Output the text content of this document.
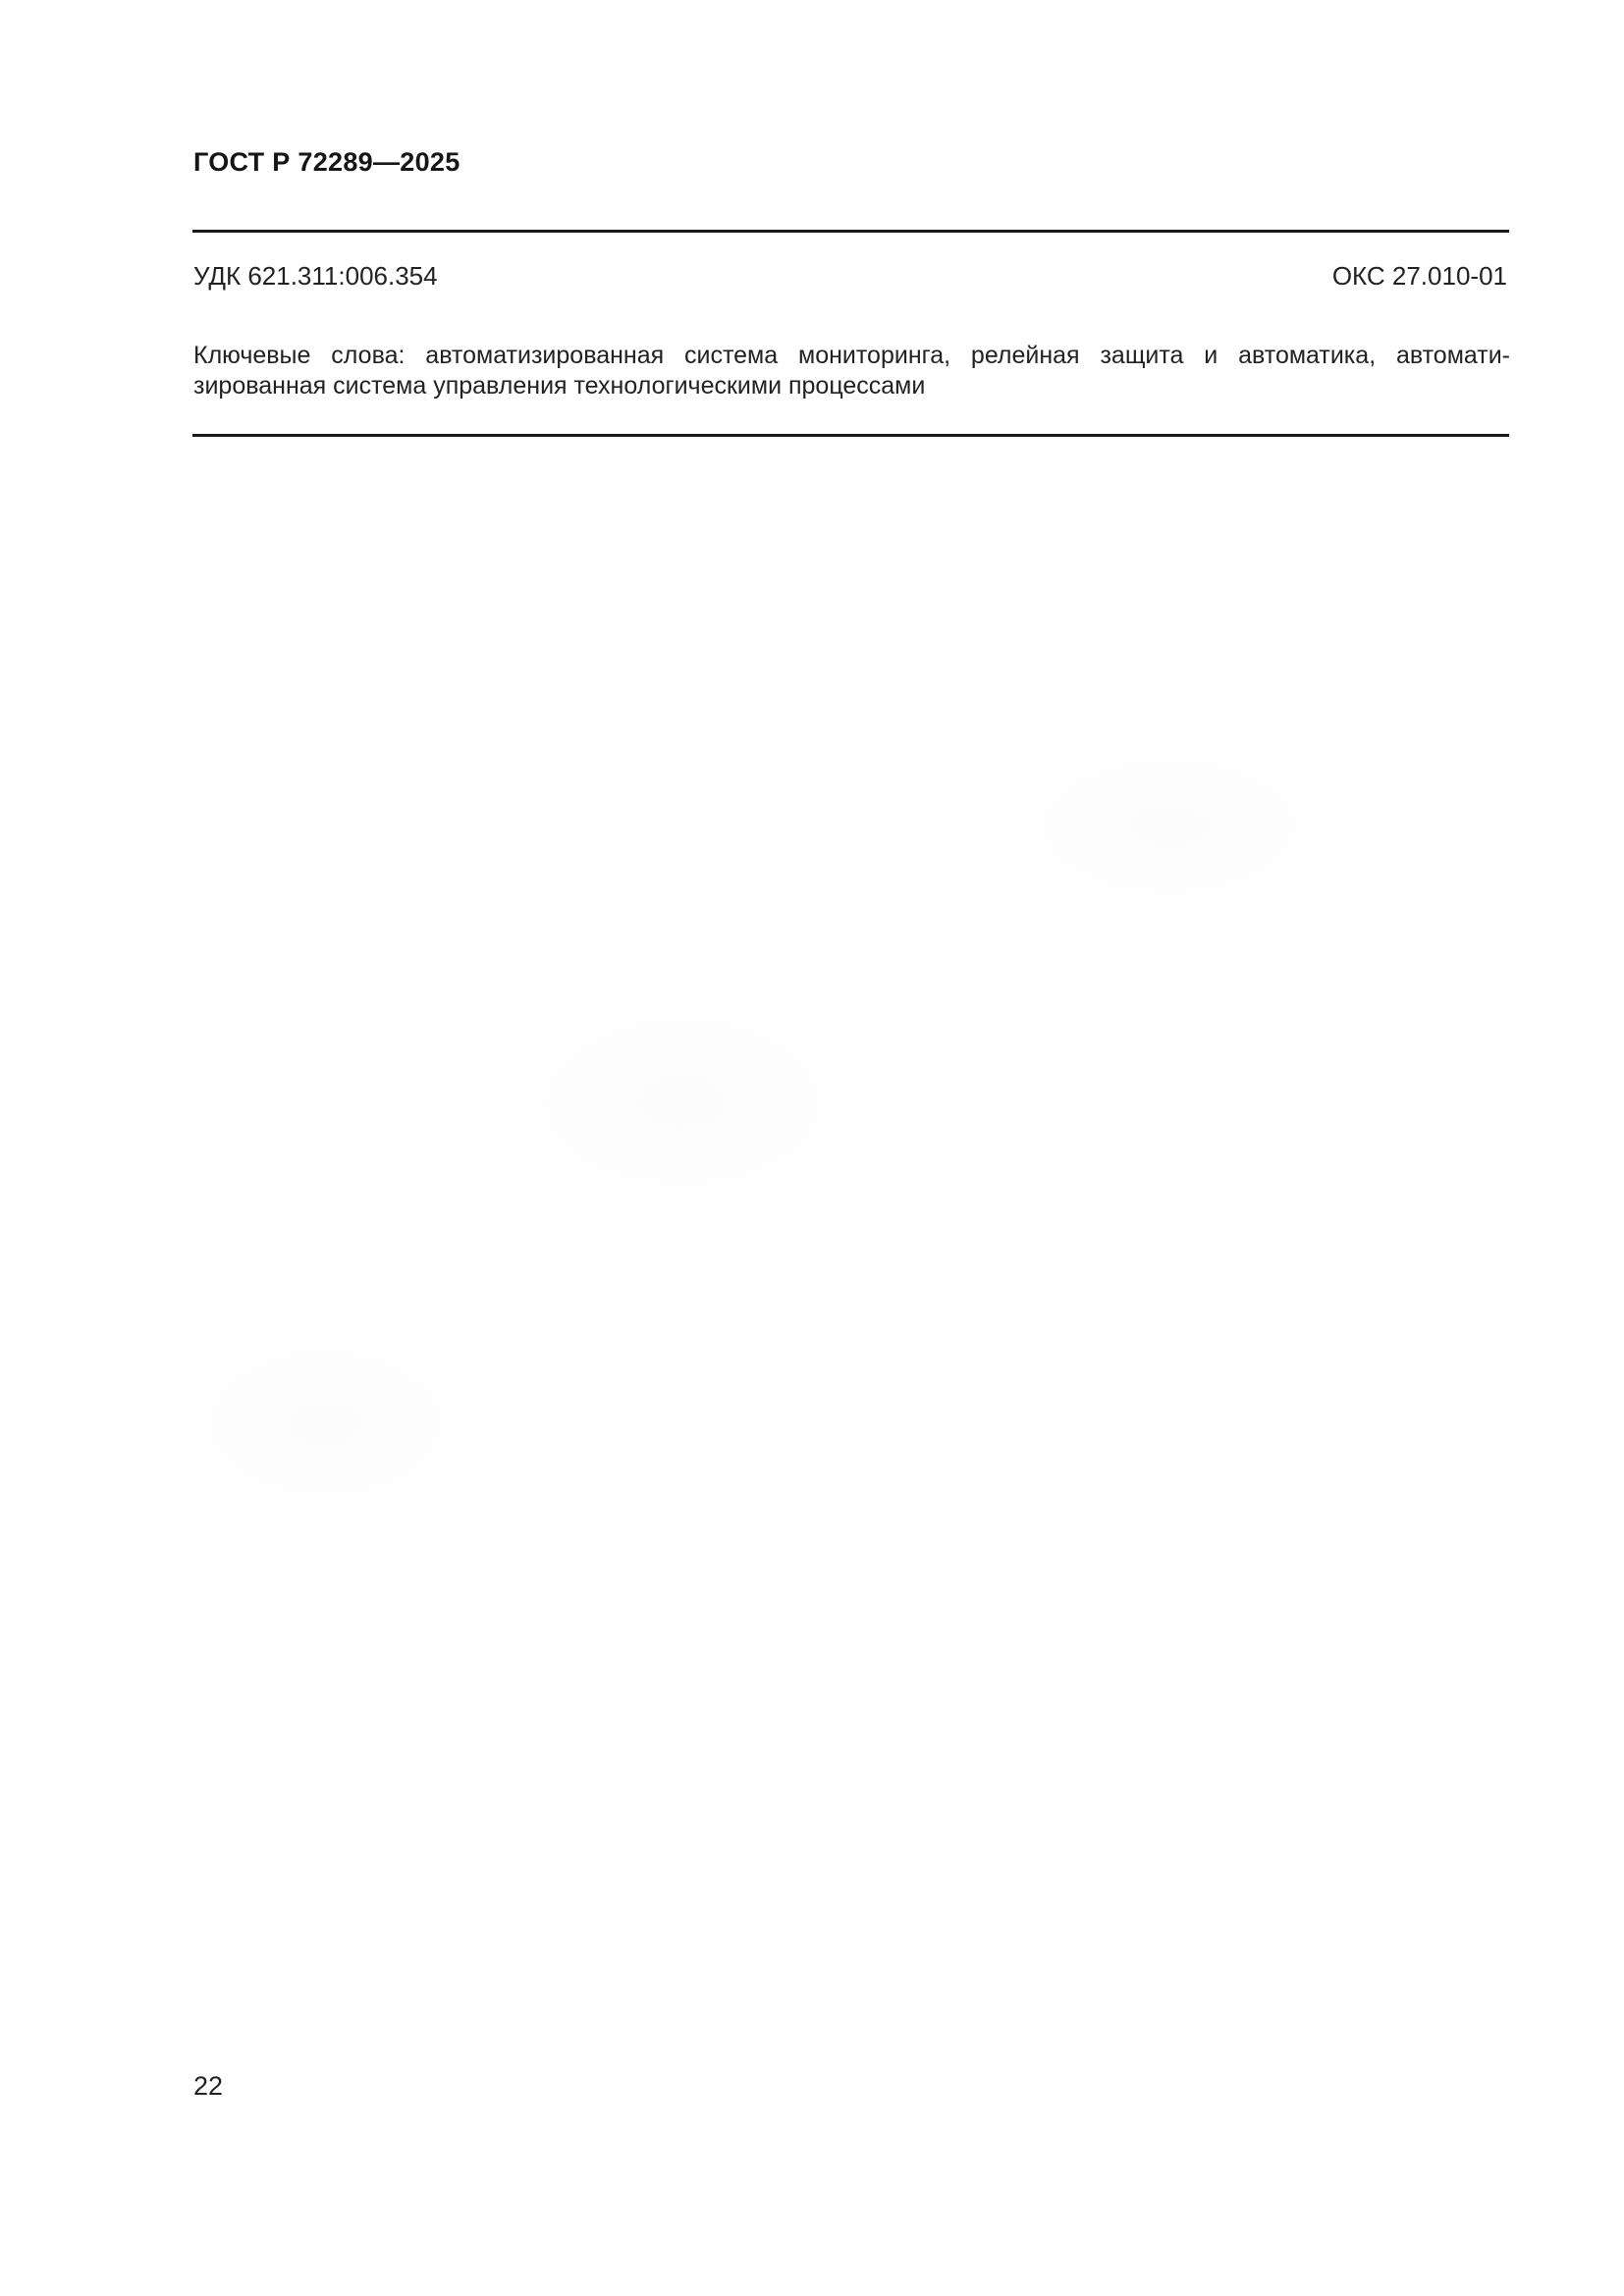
ГОСТ Р 72289—2025
УДК 621.311:006.354	ОКС 27.010-01
Ключевые слова: автоматизированная система мониторинга, релейная защита и автоматика, автомати-
зированная система управления технологическими процессами
22
